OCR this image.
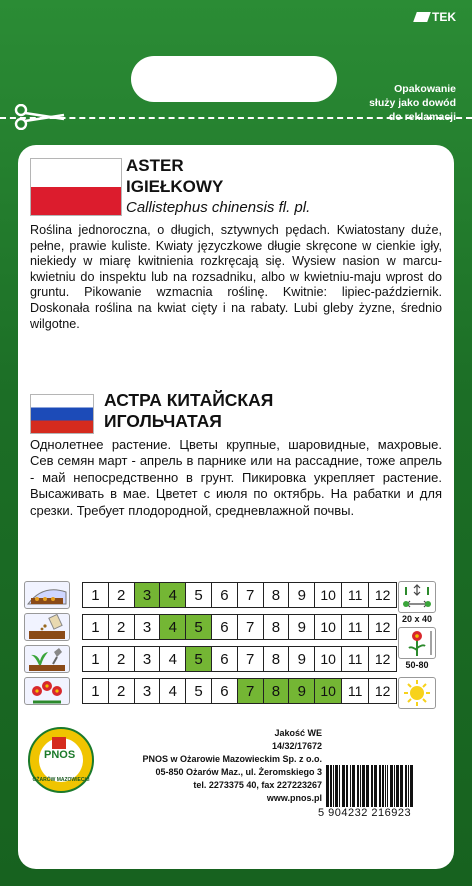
TEK
Opakowanie
służy jako dowód
do reklamacji
ASTER
IGIEŁKOWY
Callistephus chinensis fl. pl.
Roślina jednoroczna, o długich, sztywnych pędach. Kwiatostany duże, pełne, prawie kuliste. Kwiaty języczkowe długie skręcone w cienkie igły, niekiedy w miarę kwitnienia rozkręcają się. Wysiew nasion w marcu-kwietniu do inspektu lub na rozsadniku, albo w kwietniu-maju wprost do gruntu. Pikowanie wzmacnia roślinę. Kwitnie: lipiec-październik. Doskonała roślina na kwiat cięty i na rabaty. Lubi gleby żyzne, średnio wilgotne.
АСТРА КИТАЙСКАЯ
ИГОЛЬЧАТАЯ
Однолетнее растение. Цветы крупные, шаровидные, махровые. Сев семян март - апрель в парнике или на рассадние, тоже апрель - май непосредственно в грунт. Пикировка укрепляет растение. Высаживать в мае. Цветет с июля по октябрь. На рабатки и для срезки. Требует плодородной, средневлажной почвы.
1	2	3	4	5	6	7	8	9	10 11 12
1	2	3	4	5	6	7	8	9	10 11 12
1	2	3	4	5	6	7	8	9	10 11 12
1	2	3	4	5	6	7	8	9	10 11 12
20 x 40
50-80
PNOS
OŻARÓW MAZOWIECKI
Jakość WE
14/32/17672
PNOS w Ożarowie Mazowieckim Sp. z o.o.
05-850 Ożarów Maz., ul. Żeromskiego 3
tel. 2273375 40, fax 227223267
www.pnos.pl
5 904232 216923
